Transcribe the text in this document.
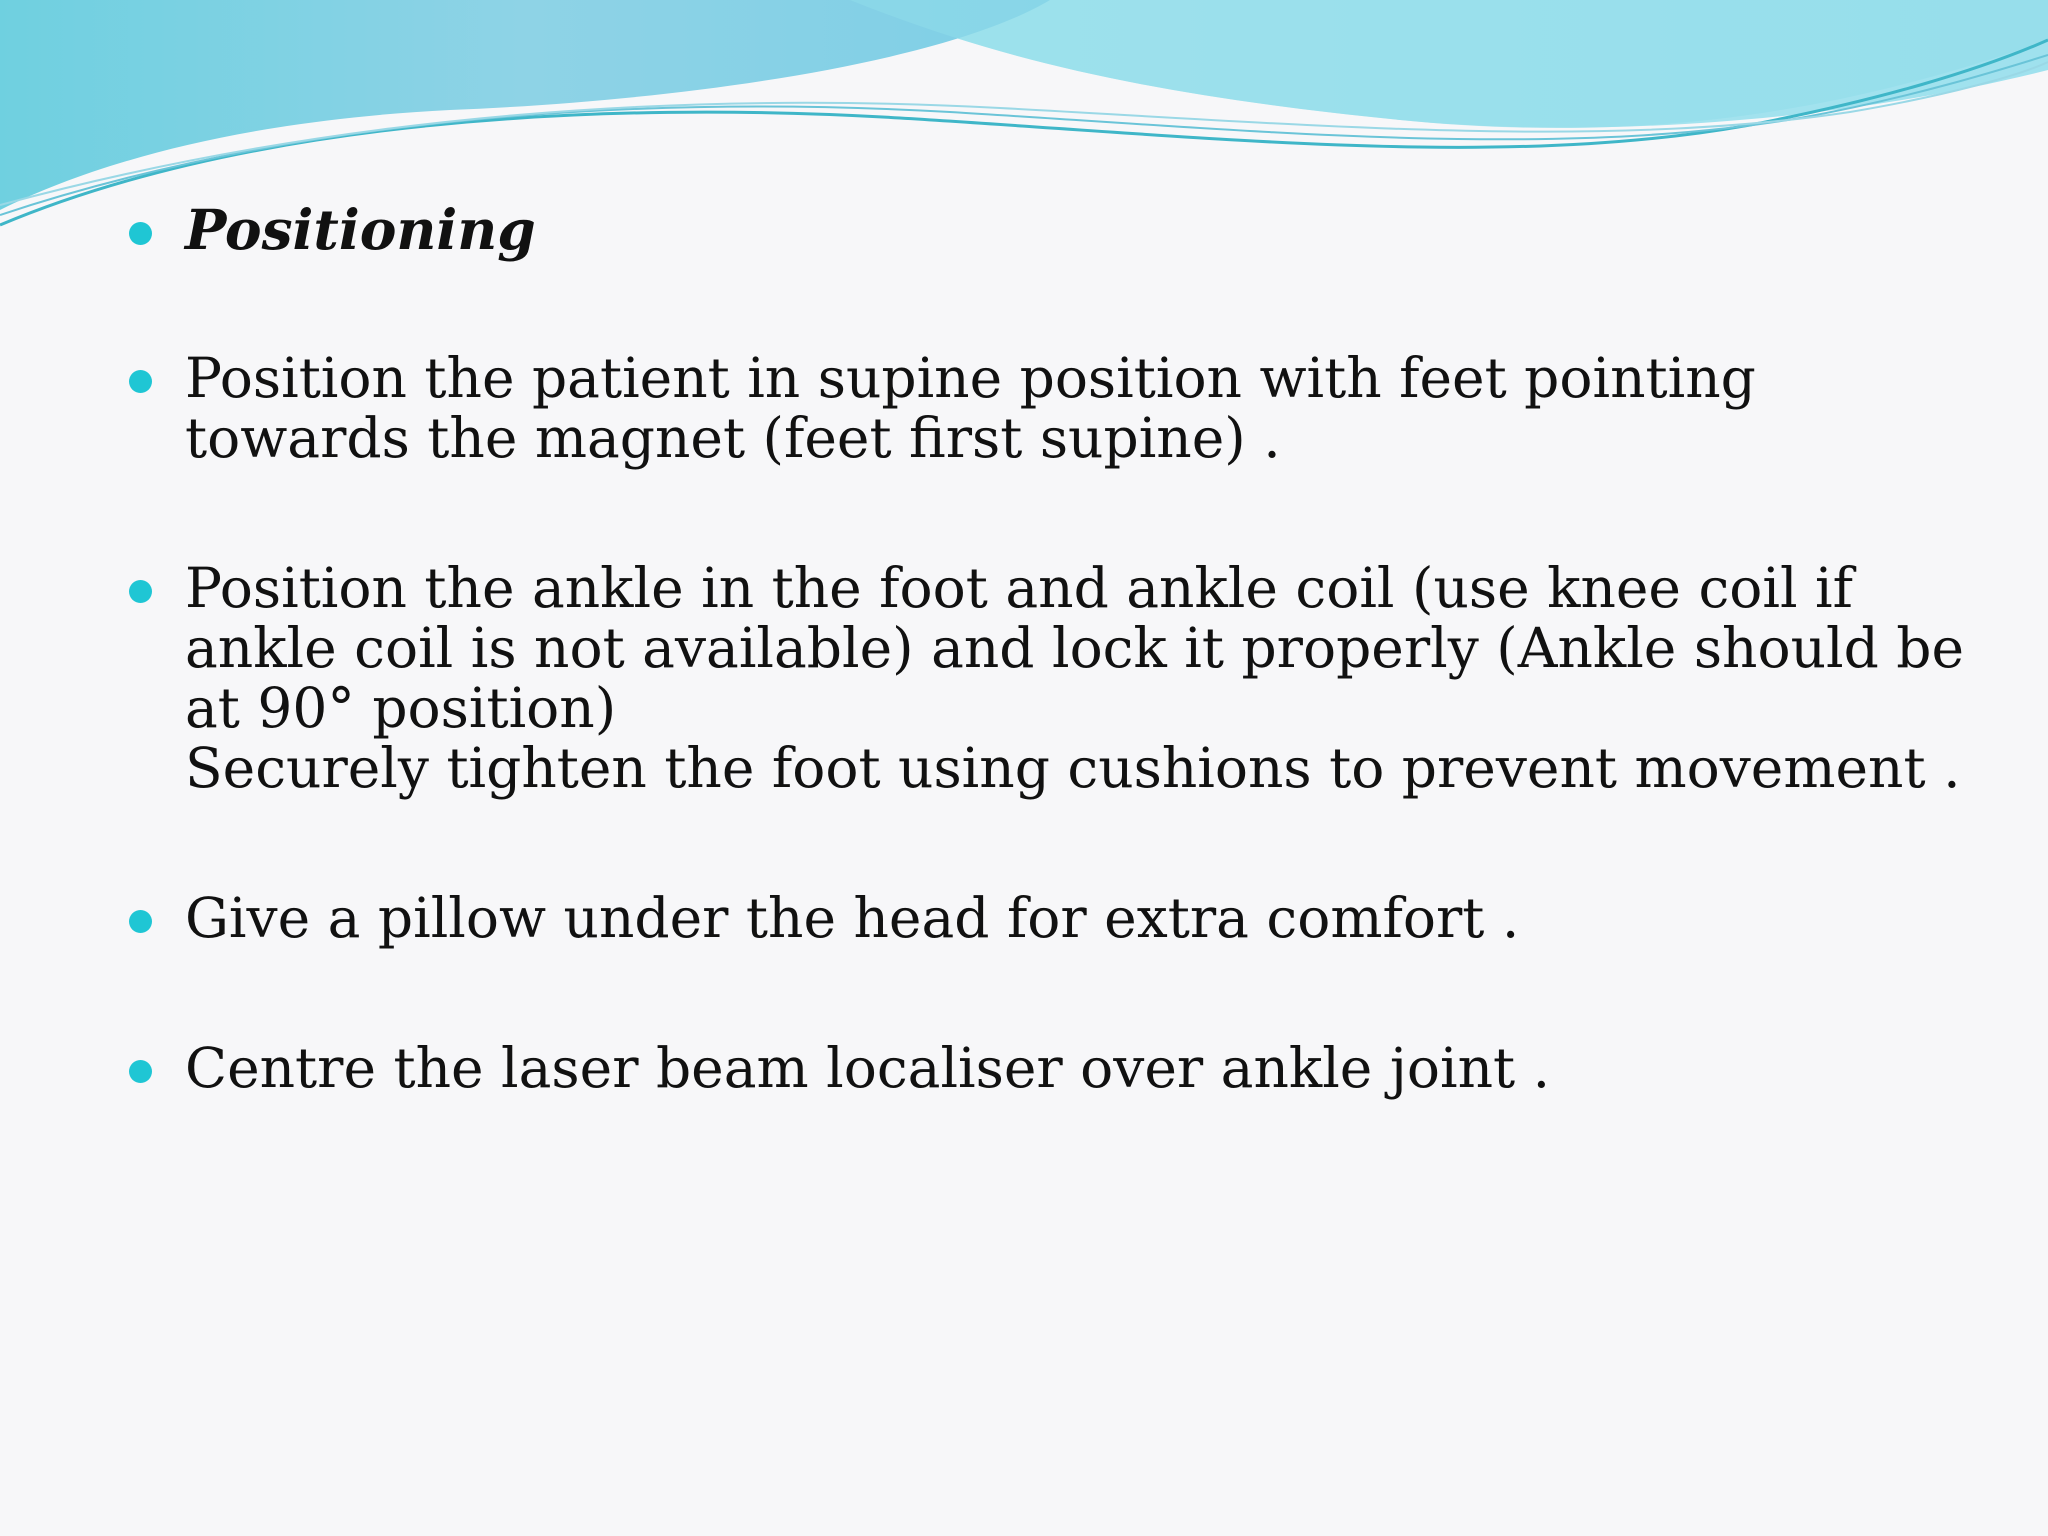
Positioning
Position the patient in supine position with feet pointing
towards the magnet (feet first supine) .
Position the ankle in the foot and ankle coil (use knee coil if
ankle coil is not available) and lock it properly (Ankle should be
at 90° position)
Securely tighten the foot using cushions to prevent movement .
Give a pillow under the head for extra comfort .
Centre the laser beam localiser over ankle joint .
